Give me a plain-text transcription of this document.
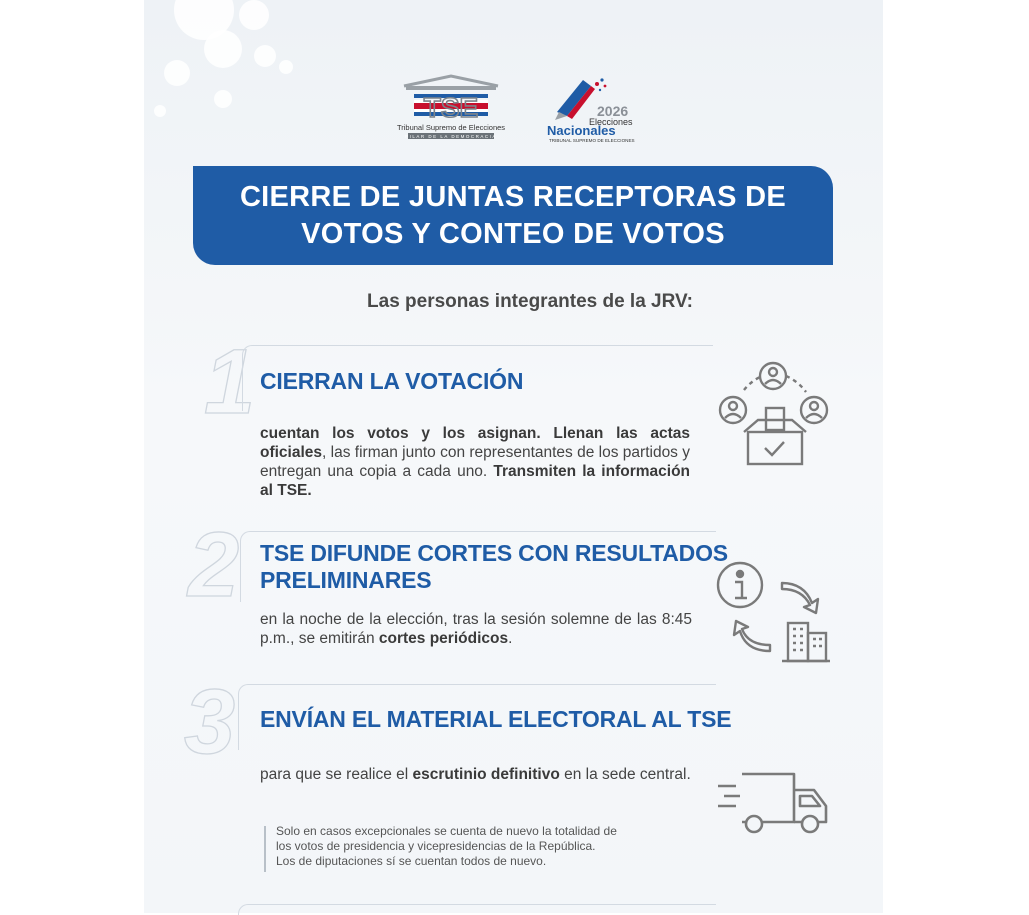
TSE
Tribunal Supremo de Elecciones
PILAR DE LA DEMOCRACIA
2026
Elecciones
Nacionales
TRIBUNAL SUPREMO DE ELECCIONES
CIERRE DE JUNTAS RECEPTORAS DE
VOTOS Y CONTEO DE VOTOS
Las personas integrantes de la JRV:
1 CIERRAN LA VOTACIÓN
cuentan los votos y los asignan. Llenan las actas oficiales, las firman junto con representantes de los partidos y entregan una copia a cada uno. Transmiten la información al TSE.
2 TSE DIFUNDE CORTES CON RESULTADOS
PRELIMINARES
en la noche de la elección, tras la sesión solemne de las 8:45 p.m., se emitirán cortes periódicos.
3 ENVÍAN EL MATERIAL ELECTORAL AL TSE
para que se realice el escrutinio definitivo en la sede central.
Solo en casos excepcionales se cuenta de nuevo la totalidad de
los votos de presidencia y vicepresidencias de la República.
Los de diputaciones sí se cuentan todos de nuevo.
